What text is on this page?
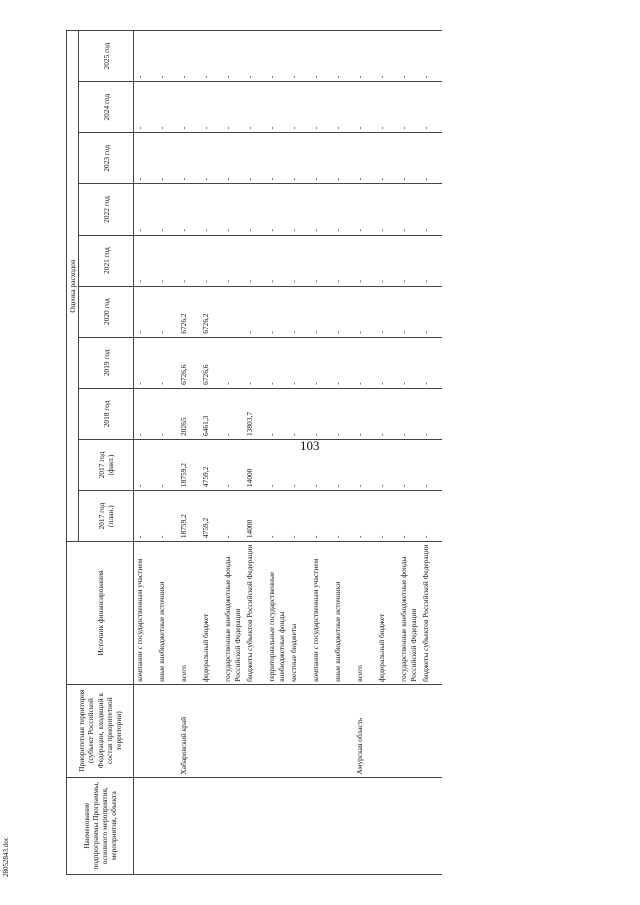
103
28052843.doc
Наименование подпрограммы Программы, основного мероприятия, мероприятия, объекта	Приоритетная территория (субъект Российской Федерации, входящий в состав приоритетной территории)	Источник финансирования	Оценка расходов									
			2017 год (план.)	2017 год (факт.)	2018 год	2019 год	2020 год	2021 год	2022 год	2023 год	2024 год	2025 год
		компании с государственным участием	-	-	-	-	-	-	-	-	-	-
		иные внебюджетные источники	-	-	-	-	-	-	-	-	-	-
	Хабаровский край	всего	18759,2	18759,2	20265	6726,6	6726,2	-	-	-	-	-
		федеральный бюджет	4759,2	4759,2	6461,3	6726,6	6726,2	-	-	-	-	-
		государственные внебюджетные фонды Российской Федерации	-	-	-	-		-	-	-	-	-
		бюджеты субъектов Российской Федерации	14000	14000	13803,7	-	-	-	-	-	-	-
		территориальные государственные внебюджетные фонды	-	-	-	-	-	-	-	-	-	-
		местные бюджеты	-	-	-	-	-	-	-	-	-	-
		компании с государственным участием	-	-	-	-	-	-	-	-	-	-
		иные внебюджетные источники	-	-	-	-	-	-	-	-	-	-
	Амурская область	всего	-	-	-	-	-	-	-	-	-	-
		федеральный бюджет	-	-	-	-	-	-	-	-	-	-
		государственные внебюджетные фонды Российской Федерации	-	-	-	-	-	-	-	-	-	-
		бюджеты субъектов Российской Федерации	-	-	-	-	-	-	-	-	-	-
